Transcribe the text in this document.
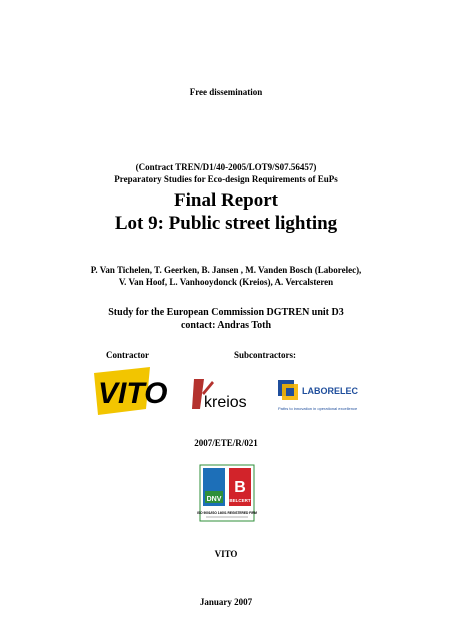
Free dissemination
(Contract TREN/D1/40-2005/LOT9/S07.56457)
Preparatory Studies for Eco-design Requirements of EuPs
Final Report
Lot 9: Public street lighting
P. Van Tichelen, T. Geerken, B. Jansen , M. Vanden Bosch (Laborelec),
V. Van Hoof, L. Vanhooydonck (Kreios), A. Vercalsteren
Study for the European Commission DGTREN unit D3
contact: Andras Toth
Contractor	Subcontractors:
VITO kreios
LABORELEC
Paths to innovation in operational excellence
2007/ETE/R/021
DNV
B
BELCERT
ISO 9001/ISO 14001 REGISTERED FIRM
VITO
January 2007
